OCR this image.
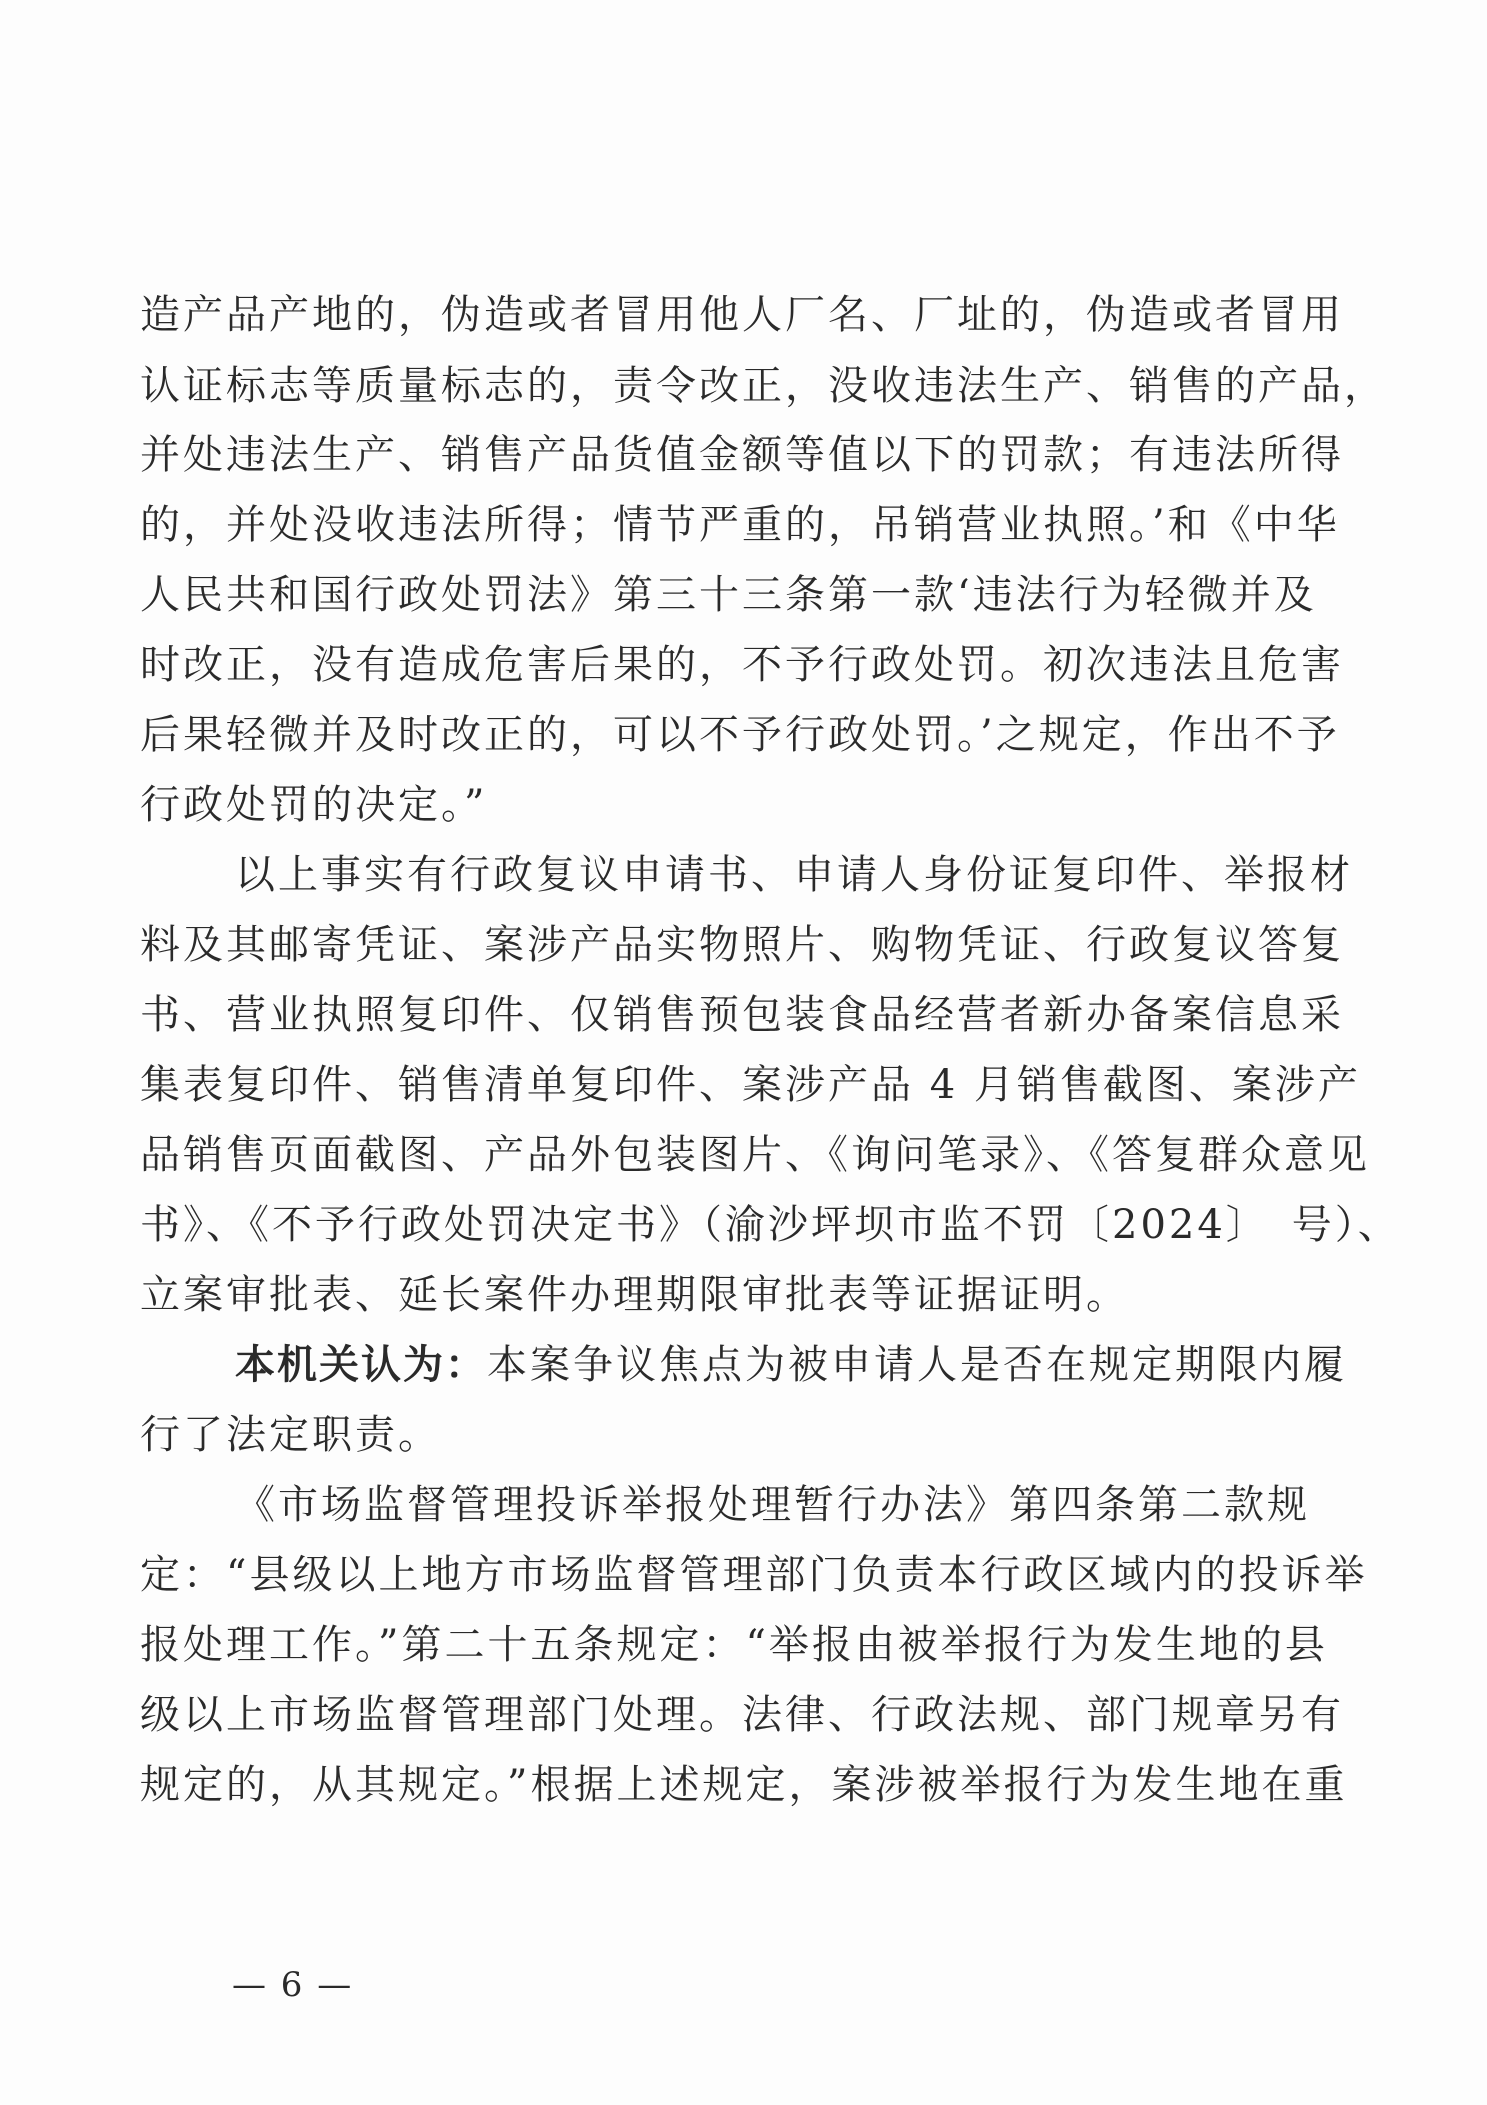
造产品产地的，伪造或者冒用他人厂名、厂址的，伪造或者冒用
认证标志等质量标志的，责令改正，没收违法生产、销售的产品，
并处违法生产、销售产品货值金额等值以下的罚款；有违法所得
的，并处没收违法所得；情节严重的，吊销营业执照。’和《中华
人民共和国行政处罚法》第三十三条第一款‘违法行为轻微并及
时改正，没有造成危害后果的，不予行政处罚。初次违法且危害
后果轻微并及时改正的，可以不予行政处罚。’之规定，作出不予
行政处罚的决定。”
以上事实有行政复议申请书、申请人身份证复印件、举报材
料及其邮寄凭证、案涉产品实物照片、购物凭证、行政复议答复
书、营业执照复印件、仅销售预包装食品经营者新办备案信息采
集表复印件、销售清单复印件、案涉产品 4 月销售截图、案涉产
品销售页面截图、产品外包装图片、《询问笔录》、《答复群众意见
书》、《不予行政处罚决定书》（渝沙坪坝市监不罚〔2024〕　号）、
立案审批表、延长案件办理期限审批表等证据证明。
本机关认为：本案争议焦点为被申请人是否在规定期限内履
行了法定职责。
《市场监督管理投诉举报处理暂行办法》第四条第二款规
定：“县级以上地方市场监督管理部门负责本行政区域内的投诉举
报处理工作。”第二十五条规定：“举报由被举报行为发生地的县
级以上市场监督管理部门处理。法律、行政法规、部门规章另有
规定的，从其规定。”根据上述规定，案涉被举报行为发生地在重
— 6 —
